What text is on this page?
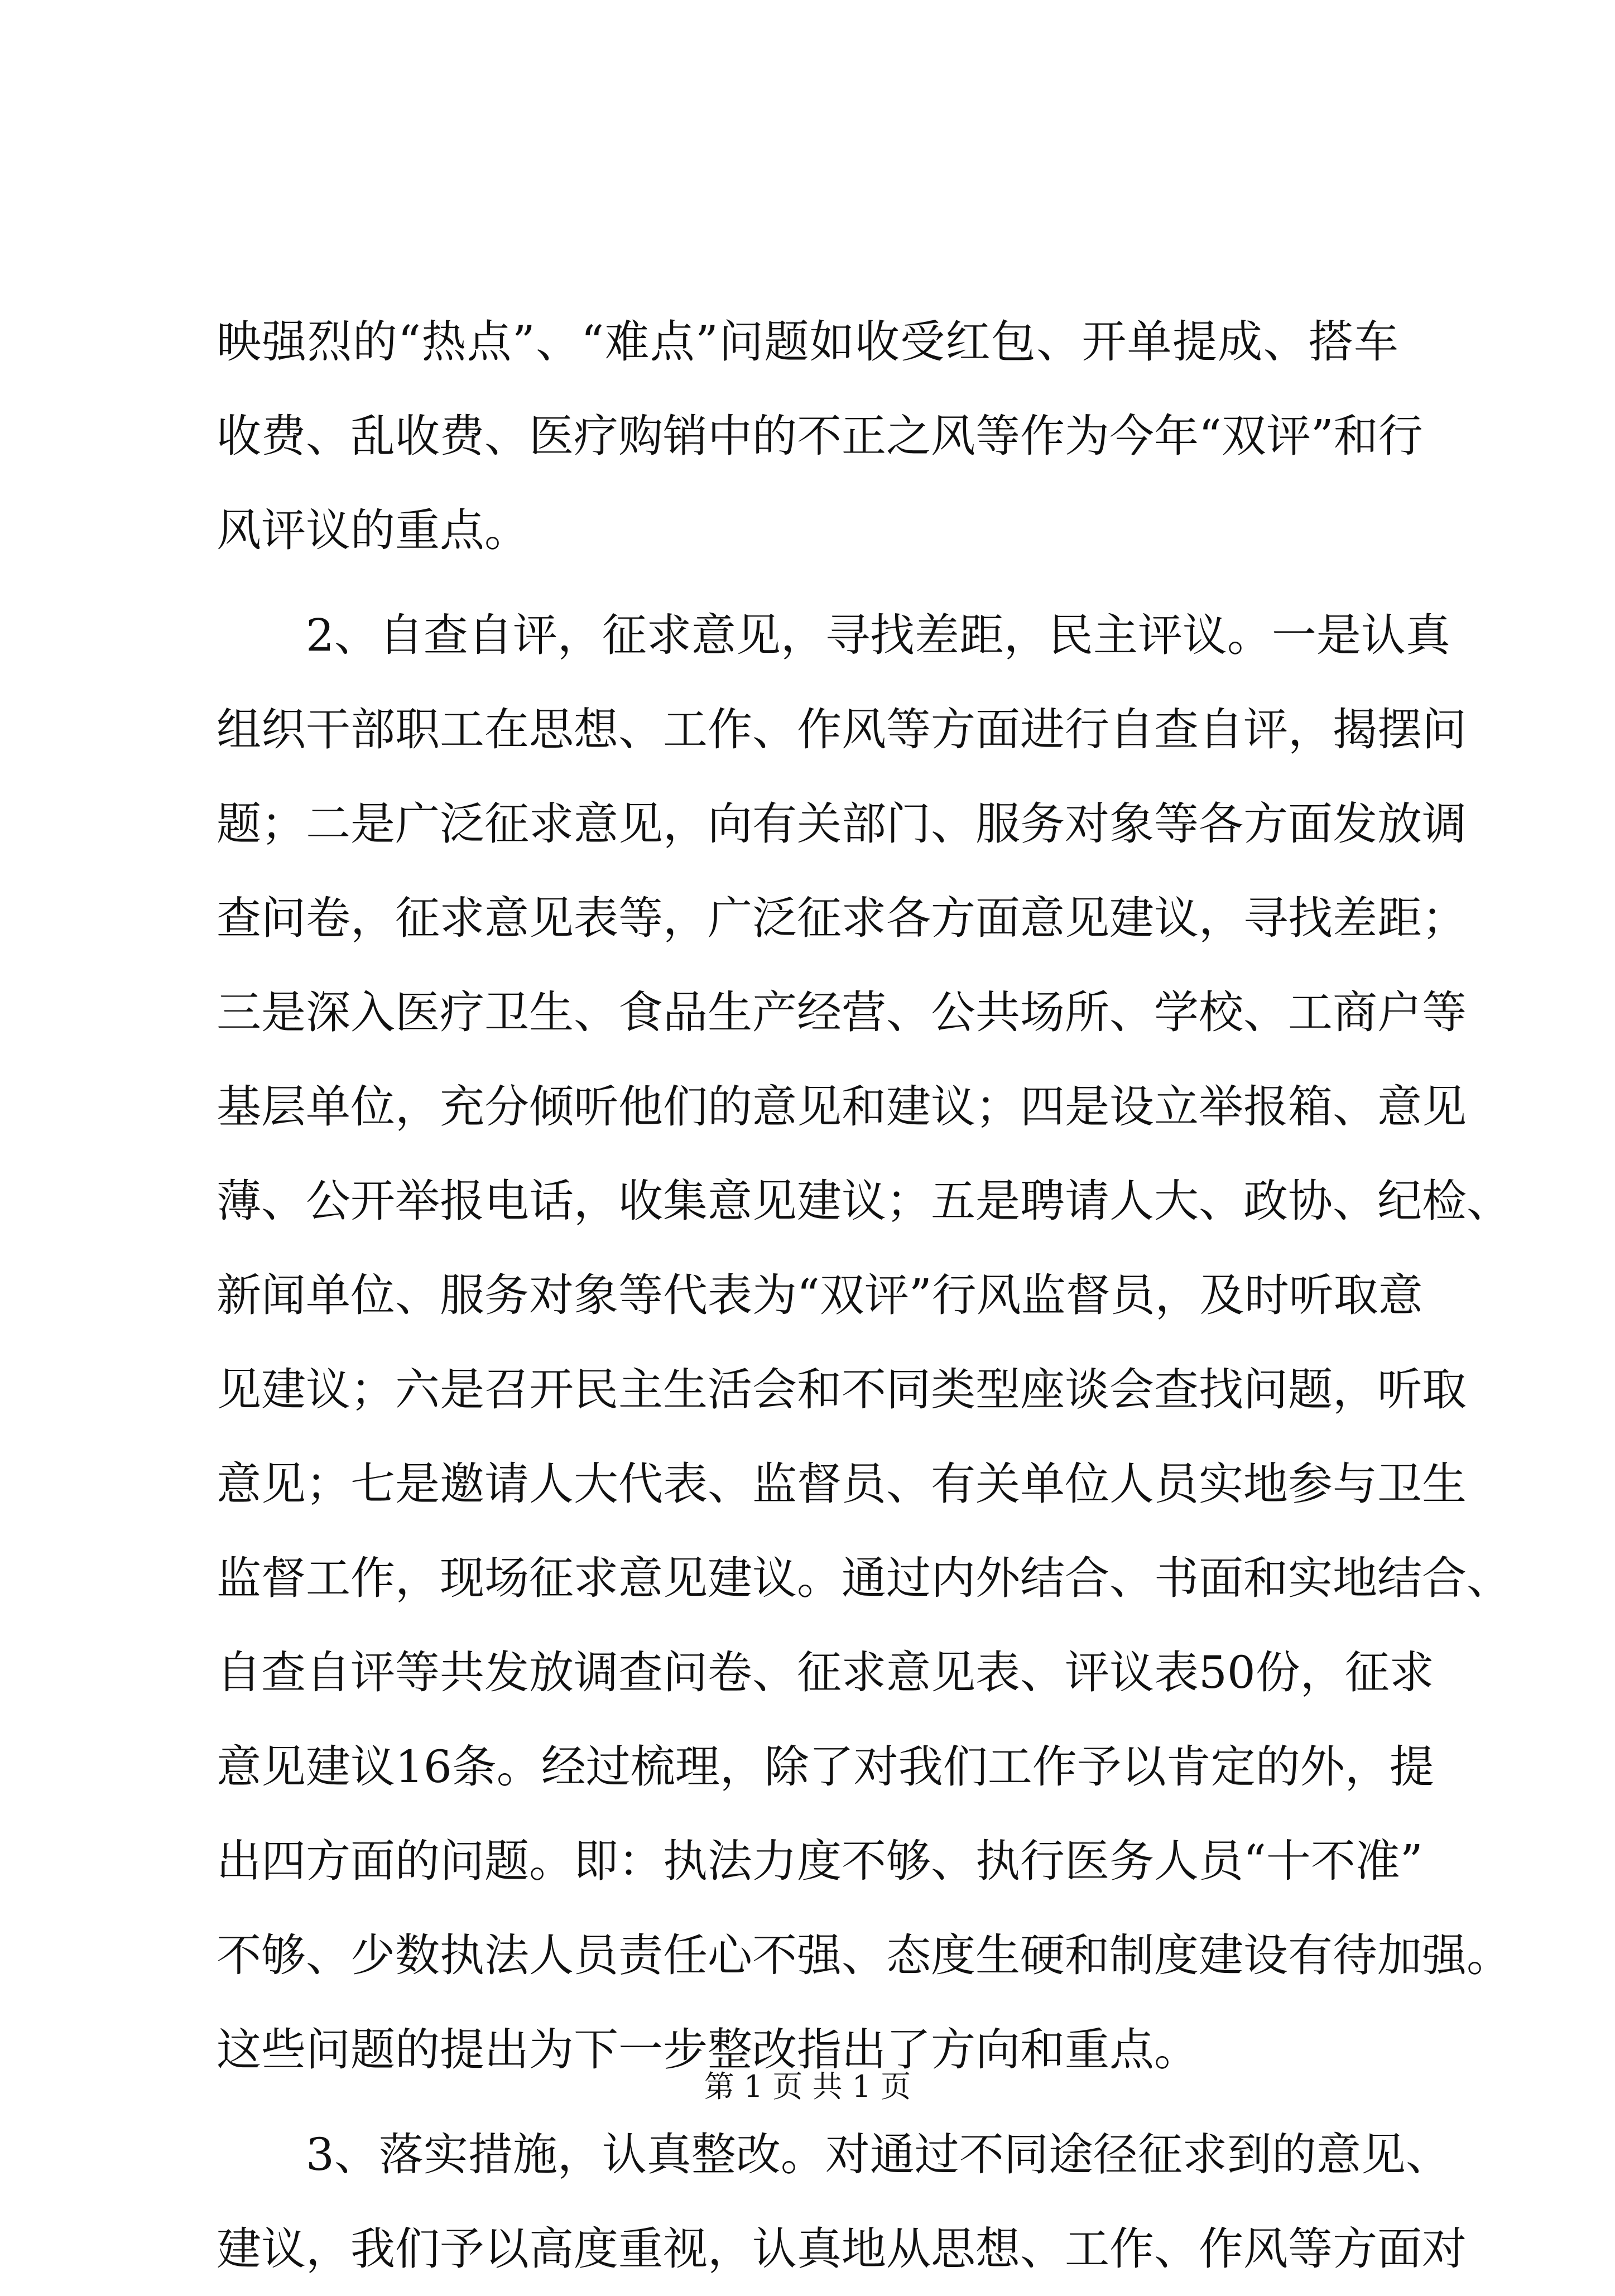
映强烈的“热点”、“难点”问题如收受红包、开单提成、搭车
收费、乱收费、医疗购销中的不正之风等作为今年“双评”和行
风评议的重点。
2、自查自评，征求意见，寻找差距，民主评议。一是认真
组织干部职工在思想、工作、作风等方面进行自查自评，揭摆问
题；二是广泛征求意见，向有关部门、服务对象等各方面发放调
查问卷，征求意见表等，广泛征求各方面意见建议，寻找差距；
三是深入医疗卫生、食品生产经营、公共场所、学校、工商户等
基层单位，充分倾听他们的意见和建议；四是设立举报箱、意见
薄、公开举报电话，收集意见建议；五是聘请人大、政协、纪检、
新闻单位、服务对象等代表为“双评”行风监督员，及时听取意
见建议；六是召开民主生活会和不同类型座谈会查找问题，听取
意见；七是邀请人大代表、监督员、有关单位人员实地参与卫生
监督工作，现场征求意见建议。通过内外结合、书面和实地结合、
自查自评等共发放调查问卷、征求意见表、评议表50份，征求
意见建议16条。经过梳理，除了对我们工作予以肯定的外，提
出四方面的问题。即：执法力度不够、执行医务人员“十不准”
不够、少数执法人员责任心不强、态度生硬和制度建设有待加强。
这些问题的提出为下一步整改指出了方向和重点。
3、落实措施，认真整改。对通过不同途径征求到的意见、
建议，我们予以高度重视，认真地从思想、工作、作风等方面对
第 1 页 共 1 页
